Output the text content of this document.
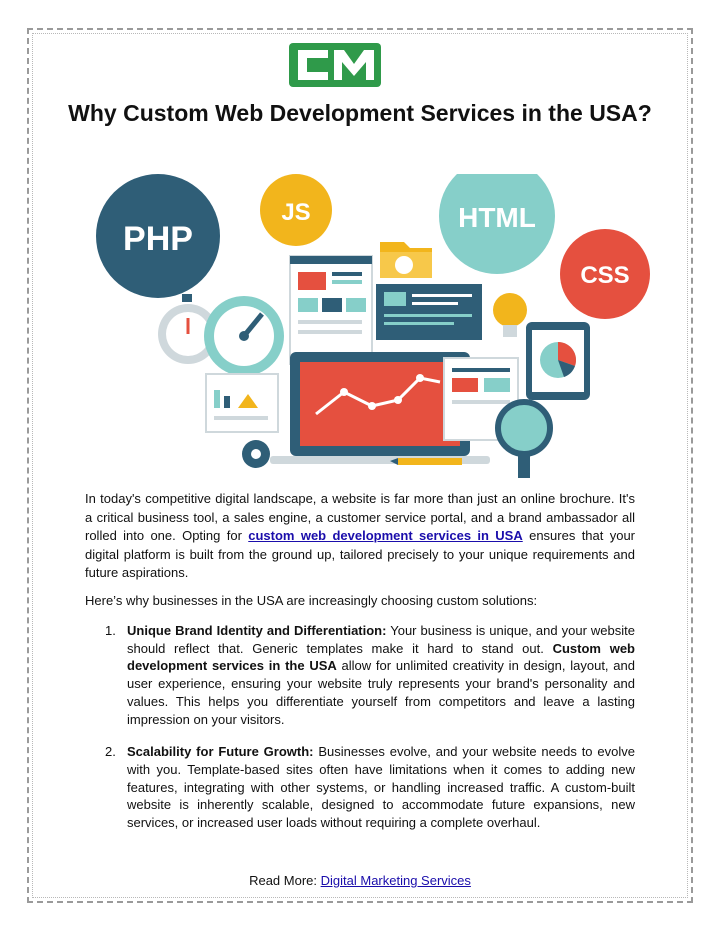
Why Custom Web Development Services in the USA?
PHP
JS	HTML
CSS

In today's competitive digital landscape, a website is far more than just an online brochure. It's a critical business tool, a sales engine, a customer service portal, and a brand ambassador all rolled into one. Opting for custom web development services in USA ensures that your digital platform is built from the ground up, tailored precisely to your unique requirements and future aspirations.

Here’s why businesses in the USA are increasingly choosing custom solutions:

1. Unique Brand Identity and Differentiation: Your business is unique, and your website should reflect that. Generic templates make it hard to stand out. Custom web development services in the USA allow for unlimited creativity in design, layout, and user experience, ensuring your website truly represents your brand's personality and values. This helps you differentiate yourself from competitors and leave a lasting impression on your visitors.
2. Scalability for Future Growth: Businesses evolve, and your website needs to evolve with you. Template-based sites often have limitations when it comes to adding new features, integrating with other systems, or handling increased traffic. A custom-built website is inherently scalable, designed to accommodate future expansions, new services, or increased user loads without requiring a complete overhaul.
Read More: Digital Marketing Services
